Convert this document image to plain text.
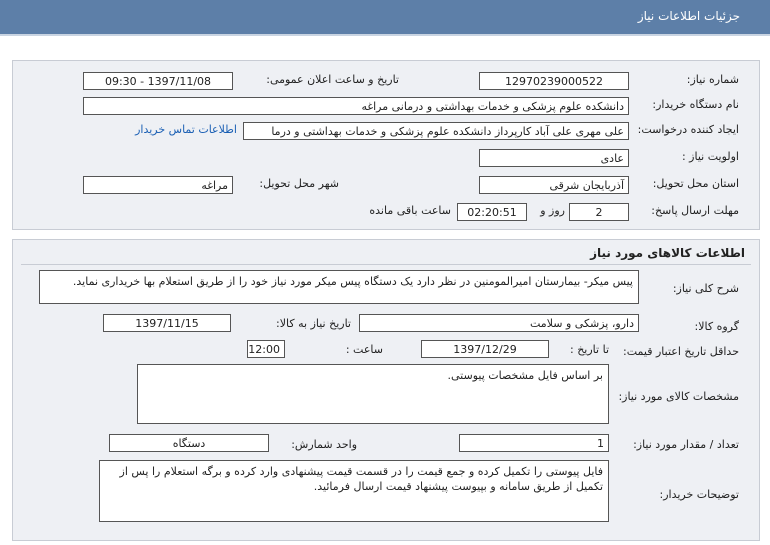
جزئیات اطلاعات نیاز
شماره نیاز:
12970239000522
تاریخ و ساعت اعلان عمومی:
1397/11/08 - 09:30
نام دستگاه خریدار:
دانشکده علوم پزشکی و خدمات بهداشتی و درمانی مراغه
ایجاد کننده درخواست:
علی مهری علی آباد کارپرداز دانشکده علوم پزشکی و خدمات بهداشتی و درما
اطلاعات تماس خریدار
اولویت نیاز :
عادی
استان محل تحویل:
آذربایجان شرقی
شهر محل تحویل:
مراغه
مهلت ارسال پاسخ:
2
روز و
02:20:51
ساعت باقی مانده
اطلاعات کالاهای مورد نیاز
شرح کلی نیاز:
پیس میکر- بیمارستان امیرالمومنین در نظر دارد یک دستگاه پیس میکر مورد نیاز خود را از طریق استعلام بها خریداری نماید.
گروه کالا:
دارو، پزشکی و سلامت
تاریخ نیاز به کالا:
1397/11/15
حداقل تاریخ اعتبار قیمت:
تا تاریخ :
1397/12/29
ساعت :
12:00
مشخصات کالای مورد نیاز:
بر اساس فایل مشخصات پیوستی.
تعداد / مقدار مورد نیاز:
1
واحد شمارش:
دستگاه
توضیحات خریدار:
فایل پیوستی را تکمیل کرده و جمع قیمت را در قسمت قیمت پیشنهادی وارد کرده و برگه استعلام را پس از تکمیل از طریق سامانه و بپیوست پیشنهاد قیمت ارسال فرمائید.
